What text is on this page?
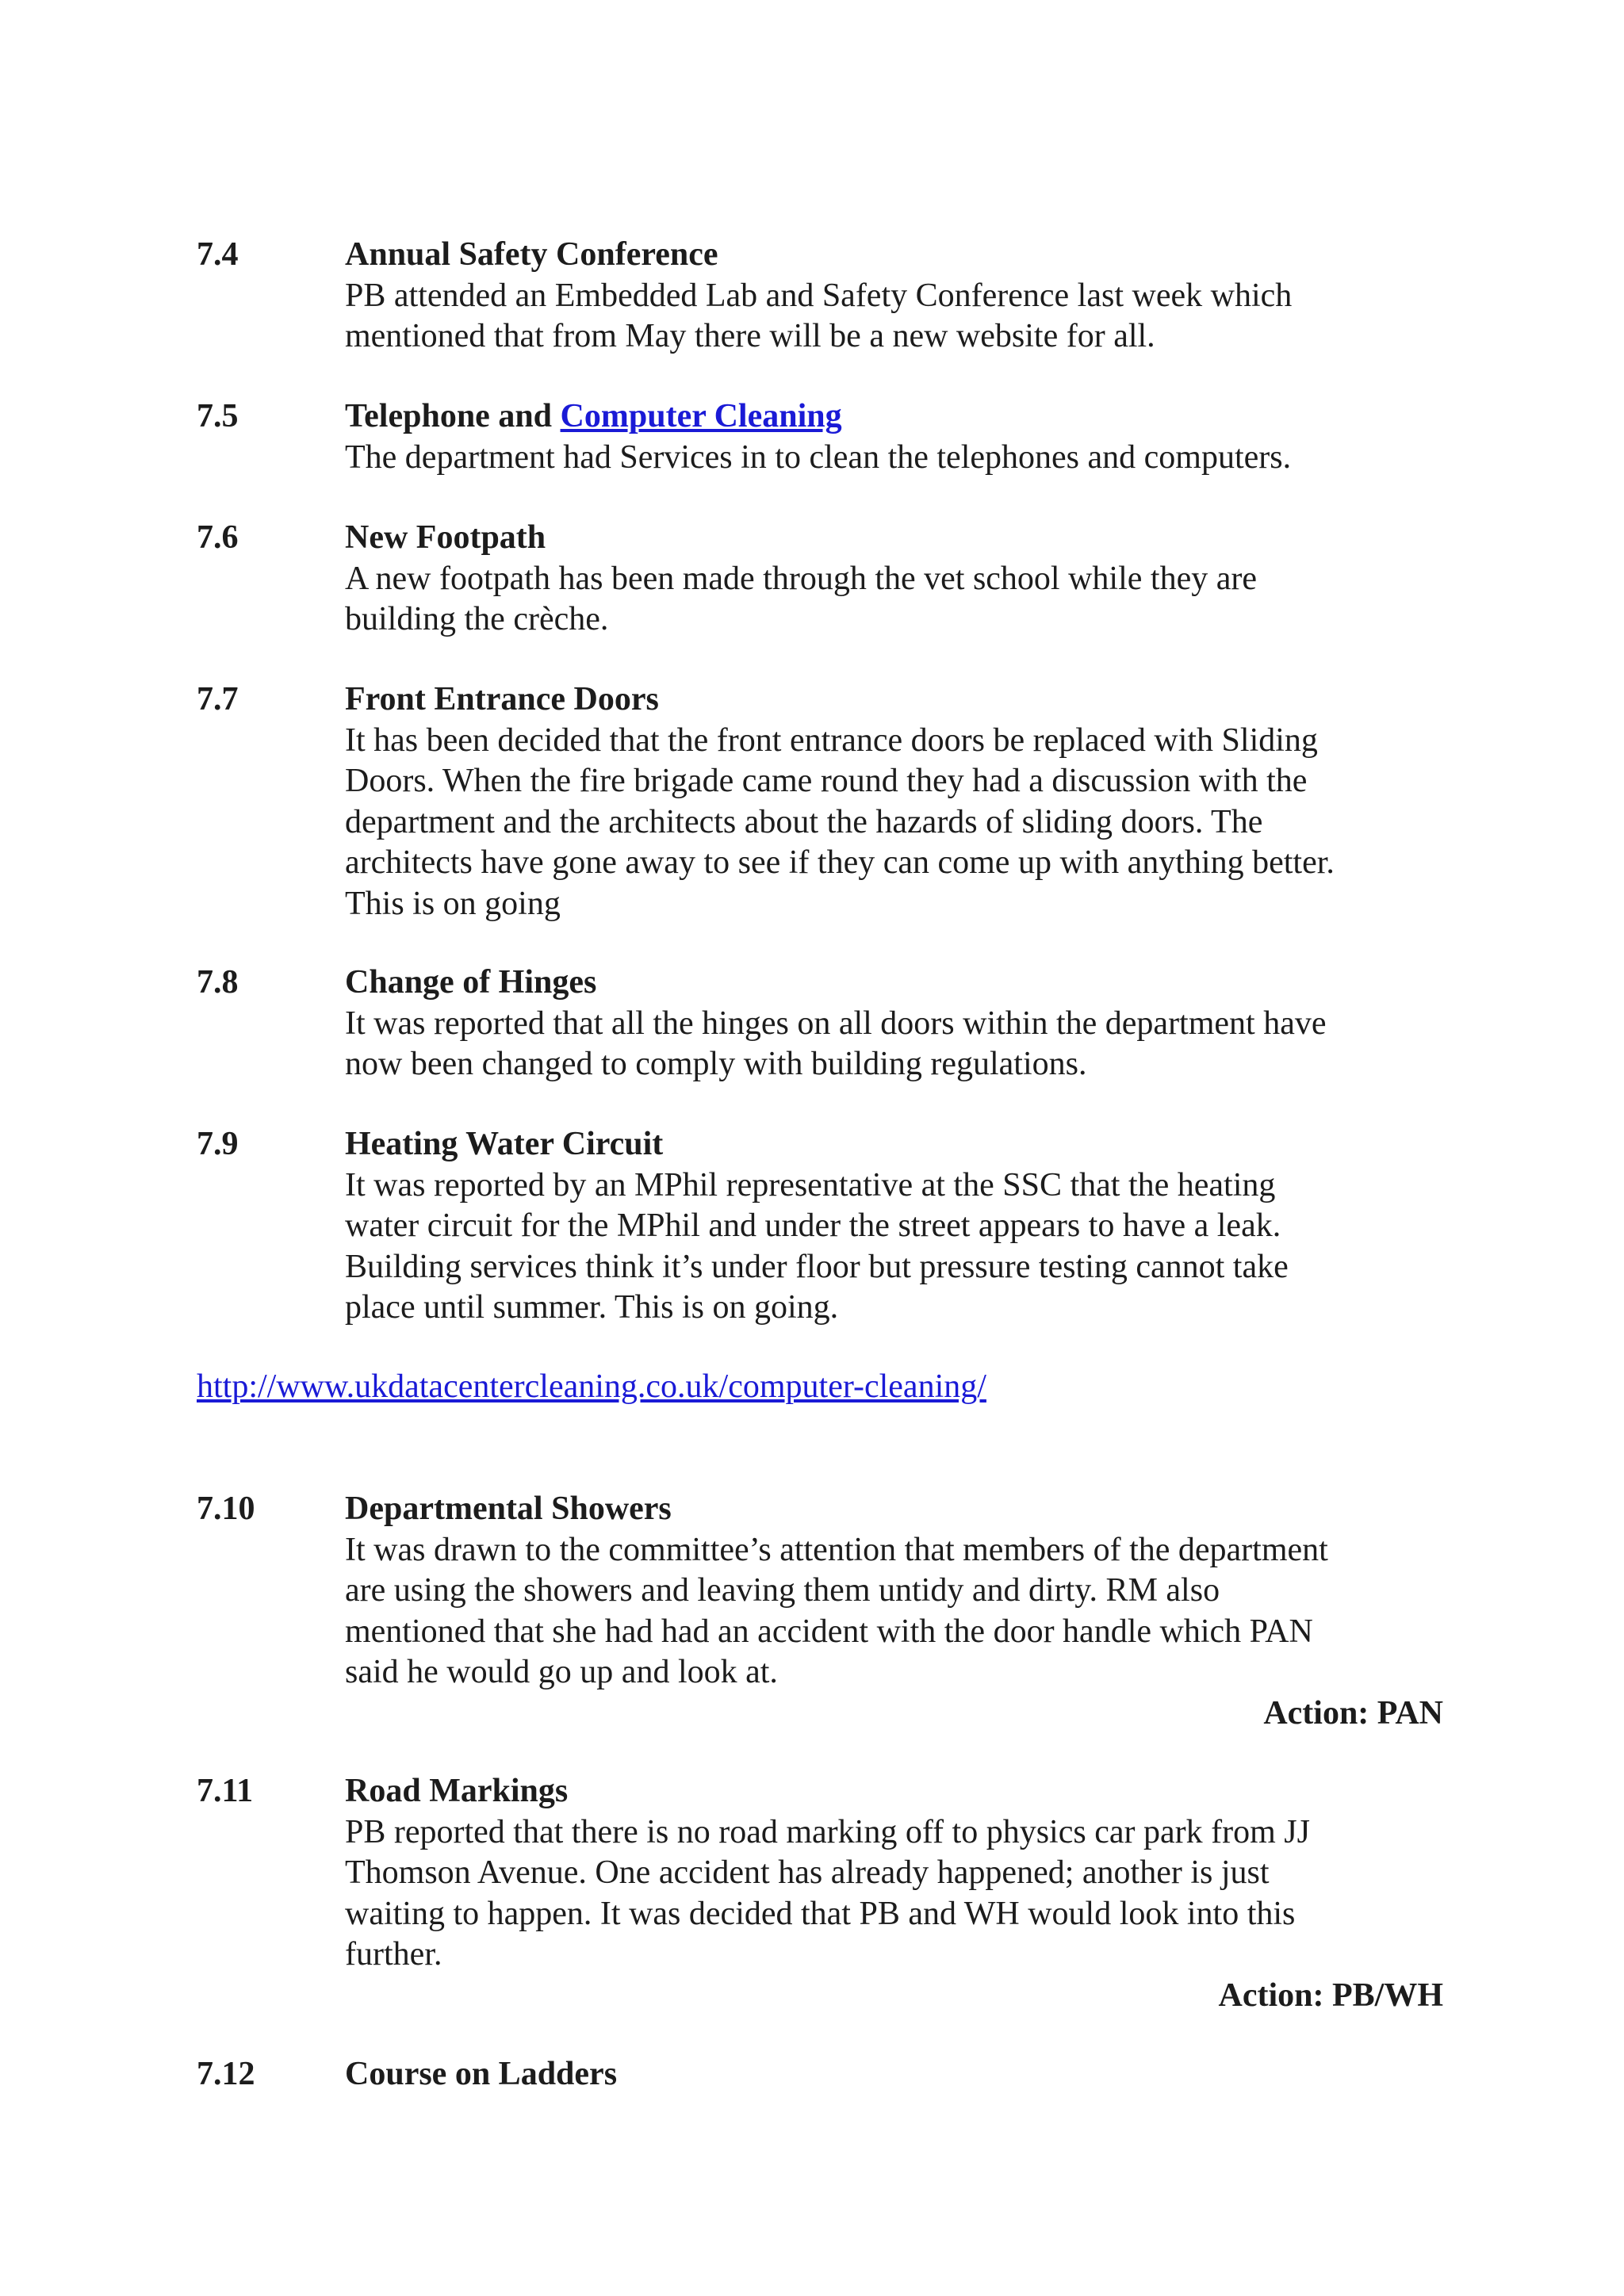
7.4	Annual Safety Conference
PB attended an Embedded Lab and Safety Conference last week which
mentioned that from May there will be a new website for all.
7.5	Telephone and Computer Cleaning
The department had Services in to clean the telephones and computers.
7.6	New Footpath
A new footpath has been made through the vet school while they are
building the crèche.
7.7	Front Entrance Doors
It has been decided that the front entrance doors be replaced with Sliding
Doors. When the fire brigade came round they had a discussion with the
department and the architects about the hazards of sliding doors. The
architects have gone away to see if they can come up with anything better.
This is on going
7.8	Change of Hinges
It was reported that all the hinges on all doors within the department have
now been changed to comply with building regulations.
7.9	Heating Water Circuit
It was reported by an MPhil representative at the SSC that the heating
water circuit for the MPhil and under the street appears to have a leak.
Building services think it’s under floor but pressure testing cannot take
place until summer. This is on going.
http://www.ukdatacentercleaning.co.uk/computer-cleaning/
7.10	Departmental Showers
It was drawn to the committee’s attention that members of the department
are using the showers and leaving them untidy and dirty. RM also
mentioned that she had had an accident with the door handle which PAN
said he would go up and look at.
Action: PAN
7.11	Road Markings
PB reported that there is no road marking off to physics car park from JJ
Thomson Avenue. One accident has already happened; another is just
waiting to happen. It was decided that PB and WH would look into this
further.
Action: PB/WH
7.12	Course on Ladders
